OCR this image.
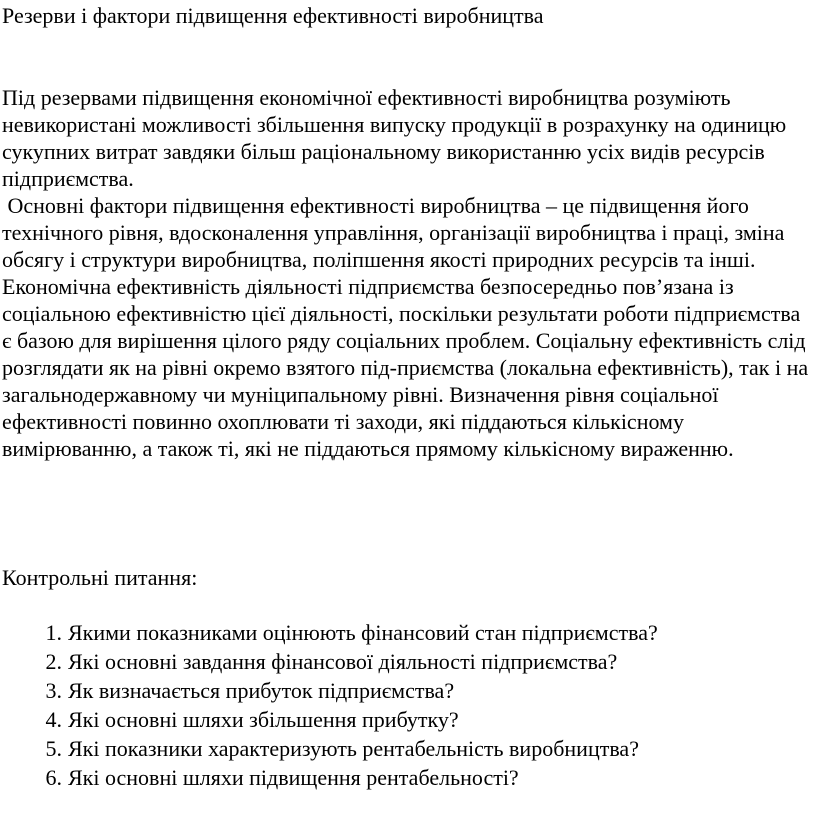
Резерви і фактори підвищення ефективності виробництва

Під резервами підвищення економічної ефективності виробництва розуміють невикористані можливості збільшення випуску продукції в розрахунку на одиницю сукупних витрат завдяки більш раціональному використанню усіх видів ресурсів підприємства.

Основні фактори підвищення ефективності виробництва – це підвищення його технічного рівня, вдосконалення управління, організації виробництва і праці, зміна обсягу і структури виробництва, поліпшення якості природних ресурсів та інші.

Економічна ефективність діяльності підприємства безпосередньо пов’язана із соціальною ефективністю цієї діяльності, поскільки результати роботи підприємства є базою для вирішення цілого ряду соціальних проблем. Соціальну ефективність слід розглядати як на рівні окремо взятого під-приємства (локальна ефективність), так і на загальнодержавному чи муніципальному рівні. Визначення рівня соціальної ефективності повинно охоплювати ті заходи, які піддаються кількісному вимірюванню, а також ті, які не піддаються прямому кількісному вираженню.

Контрольні питання:
1. Якими показниками оцінюють фінансовий стан підприємства?
2. Які основні завдання фінансової діяльності підприємства?
3. Як визначається прибуток підприємства?
4. Які основні шляхи збільшення прибутку?
5. Які показники характеризують рентабельність виробництва?
6. Які основні шляхи підвищення рентабельності?
